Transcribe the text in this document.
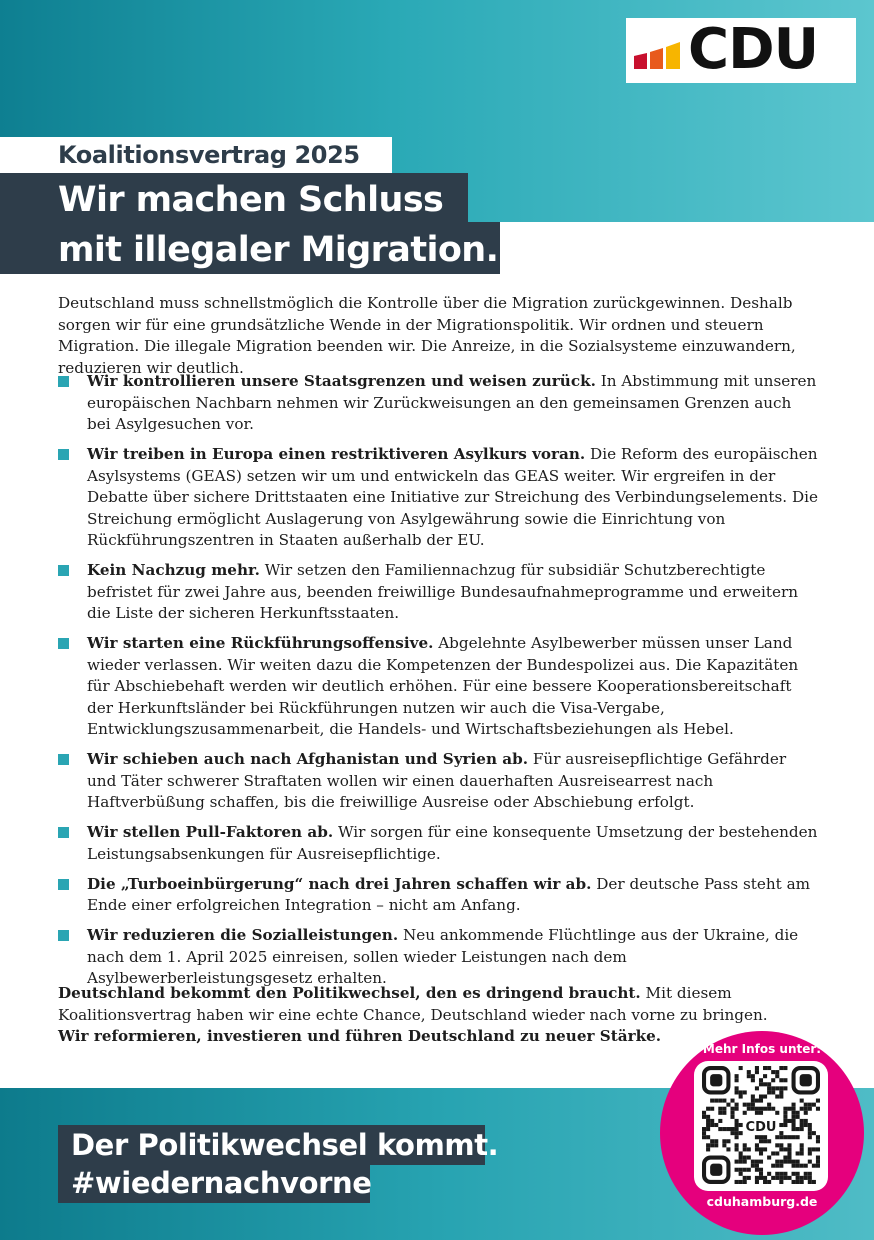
CDU
Koalitionsvertrag 2025
Wir machen Schluss
mit illegaler Migration.

Deutschland muss schnellstmöglich die Kontrolle über die Migration zurückgewinnen. Deshalb sorgen wir für eine grundsätzliche Wende in der Migrationspolitik. Wir ordnen und steuern Migration. Die illegale Migration beenden wir. Die Anreize, in die Sozialsysteme einzuwandern, reduzieren wir deutlich.

Wir kontrollieren unsere Staatsgrenzen und weisen zurück. In Abstimmung mit unseren europäischen Nachbarn nehmen wir Zurückweisungen an den gemeinsamen Grenzen auch bei Asylgesuchen vor.
Wir treiben in Europa einen restriktiveren Asylkurs voran. Die Reform des europäischen Asylsystems (GEAS) setzen wir um und entwickeln das GEAS weiter. Wir ergreifen in der Debatte über sichere Drittstaaten eine Initiative zur Streichung des Verbindungselements. Die Streichung ermöglicht Auslagerung von Asylgewährung sowie die Einrichtung von Rückführungszentren in Staaten außerhalb der EU.
Kein Nachzug mehr. Wir setzen den Familiennachzug für subsidiär Schutzberechtigte befristet für zwei Jahre aus, beenden freiwillige Bundesaufnahmeprogramme und erweitern die Liste der sicheren Herkunftsstaaten.
Wir starten eine Rückführungsoffensive. Abgelehnte Asylbewerber müssen unser Land wieder verlassen. Wir weiten dazu die Kompetenzen der Bundespolizei aus. Die Kapazitäten für Abschiebehaft werden wir deutlich erhöhen. Für eine bessere Kooperationsbereitschaft der Herkunftsländer bei Rückführungen nutzen wir auch die Visa-Vergabe, Entwicklungszusammenarbeit, die Handels- und Wirtschaftsbeziehungen als Hebel.
Wir schieben auch nach Afghanistan und Syrien ab. Für ausreisepflichtige Gefährder und Täter schwerer Straftaten wollen wir einen dauerhaften Ausreisearrest nach Haftverbüßung schaffen, bis die freiwillige Ausreise oder Abschiebung erfolgt.
Wir stellen Pull-Faktoren ab. Wir sorgen für eine konsequente Umsetzung der bestehenden Leistungsabsenkungen für Ausreisepflichtige.
Die „Turboeinbürgerung“ nach drei Jahren schaffen wir ab. Der deutsche Pass steht am Ende einer erfolgreichen Integration – nicht am Anfang.
Wir reduzieren die Sozialleistungen. Neu ankommende Flüchtlinge aus der Ukraine, die nach dem 1. April 2025 einreisen, sollen wieder Leistungen nach dem Asylbewerberleistungsgesetz erhalten.
Deutschland bekommt den Politikwechsel, den es dringend braucht. Mit diesem Koalitionsvertrag haben wir eine echte Chance, Deutschland wieder nach vorne zu bringen.
Wir reformieren, investieren und führen Deutschland zu neuer Stärke.
Der Politikwechsel kommt.
#wiedernachvorne
Mehr Infos unter:
CDU
cduhamburg.de
